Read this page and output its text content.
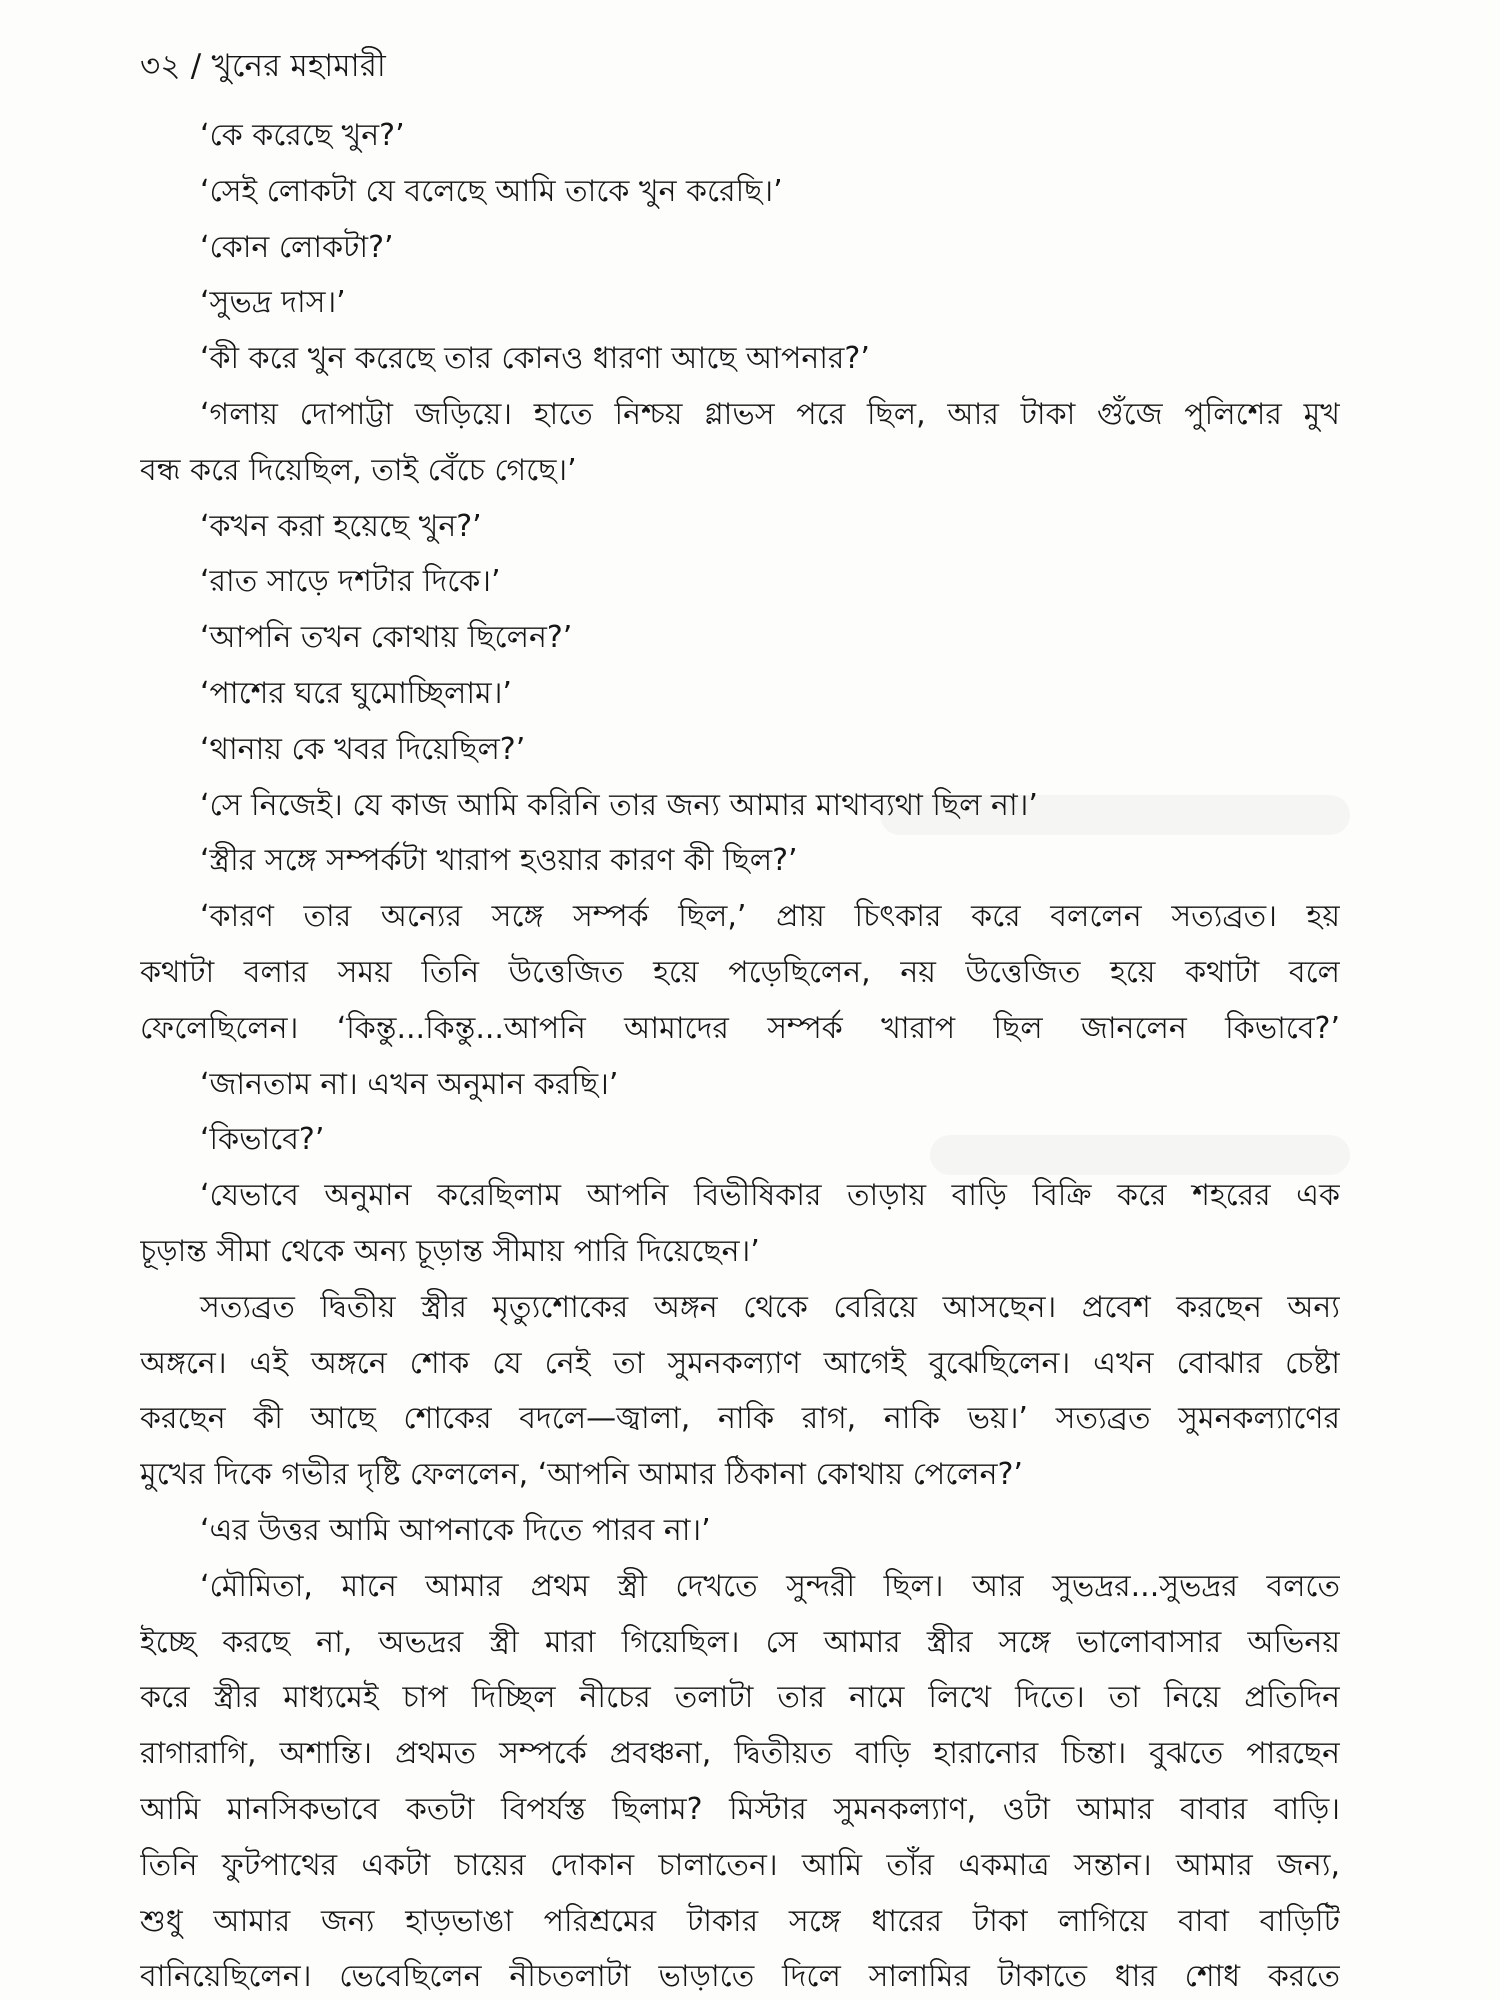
৩২ / খুনের মহামারী
‘কে করেছে খুন?’
‘সেই লোকটা যে বলেছে আমি তাকে খুন করেছি।’
‘কোন লোকটা?’
‘সুভদ্র দাস।’
‘কী করে খুন করেছে তার কোনও ধারণা আছে আপনার?’
‘গলায় দোপাট্টা জড়িয়ে। হাতে নিশ্চয় গ্লাভস পরে ছিল, আর টাকা গুঁজে পুলিশের মুখ
বন্ধ করে দিয়েছিল, তাই বেঁচে গেছে।’
‘কখন করা হয়েছে খুন?’
‘রাত সাড়ে দশটার দিকে।’
‘আপনি তখন কোথায় ছিলেন?’
‘পাশের ঘরে ঘুমোচ্ছিলাম।’
‘থানায় কে খবর দিয়েছিল?’
‘সে নিজেই। যে কাজ আমি করিনি তার জন্য আমার মাথাব্যথা ছিল না।’
‘স্ত্রীর সঙ্গে সম্পর্কটা খারাপ হওয়ার কারণ কী ছিল?’
‘কারণ তার অন্যের সঙ্গে সম্পর্ক ছিল,’ প্রায় চিৎকার করে বললেন সত্যব্রত। হয়
কথাটা বলার সময় তিনি উত্তেজিত হয়ে পড়েছিলেন, নয় উত্তেজিত হয়ে কথাটা বলে
ফেলেছিলেন। ‘কিন্তু...কিন্তু...আপনি আমাদের সম্পর্ক খারাপ ছিল জানলেন কিভাবে?’
‘জানতাম না। এখন অনুমান করছি।’
‘কিভাবে?’
‘যেভাবে অনুমান করেছিলাম আপনি বিভীষিকার তাড়ায় বাড়ি বিক্রি করে শহরের এক
চূড়ান্ত সীমা থেকে অন্য চূড়ান্ত সীমায় পারি দিয়েছেন।’
সত্যব্রত দ্বিতীয় স্ত্রীর মৃত্যুশোকের অঙ্গন থেকে বেরিয়ে আসছেন। প্রবেশ করছেন অন্য
অঙ্গনে। এই অঙ্গনে শোক যে নেই তা সুমনকল্যাণ আগেই বুঝেছিলেন। এখন বোঝার চেষ্টা
করছেন কী আছে শোকের বদলে—জ্বালা, নাকি রাগ, নাকি ভয়।’ সত্যব্রত সুমনকল্যাণের
মুখের দিকে গভীর দৃষ্টি ফেললেন, ‘আপনি আমার ঠিকানা কোথায় পেলেন?’
‘এর উত্তর আমি আপনাকে দিতে পারব না।’
‘মৌমিতা, মানে আমার প্রথম স্ত্রী দেখতে সুন্দরী ছিল। আর সুভদ্রর...সুভদ্রর বলতে
ইচ্ছে করছে না, অভদ্রর স্ত্রী মারা গিয়েছিল। সে আমার স্ত্রীর সঙ্গে ভালোবাসার অভিনয়
করে স্ত্রীর মাধ্যমেই চাপ দিচ্ছিল নীচের তলাটা তার নামে লিখে দিতে। তা নিয়ে প্রতিদিন
রাগারাগি, অশান্তি। প্রথমত সম্পর্কে প্রবঞ্চনা, দ্বিতীয়ত বাড়ি হারানোর চিন্তা। বুঝতে পারছেন
আমি মানসিকভাবে কতটা বিপর্যস্ত ছিলাম? মিস্টার সুমনকল্যাণ, ওটা আমার বাবার বাড়ি।
তিনি ফুটপাথের একটা চায়ের দোকান চালাতেন। আমি তাঁর একমাত্র সন্তান। আমার জন্য,
শুধু আমার জন্য হাড়ভাঙা পরিশ্রমের টাকার সঙ্গে ধারের টাকা লাগিয়ে বাবা বাড়িটি
বানিয়েছিলেন। ভেবেছিলেন নীচতলাটা ভাড়াতে দিলে সালামির টাকাতে ধার শোধ করতে
